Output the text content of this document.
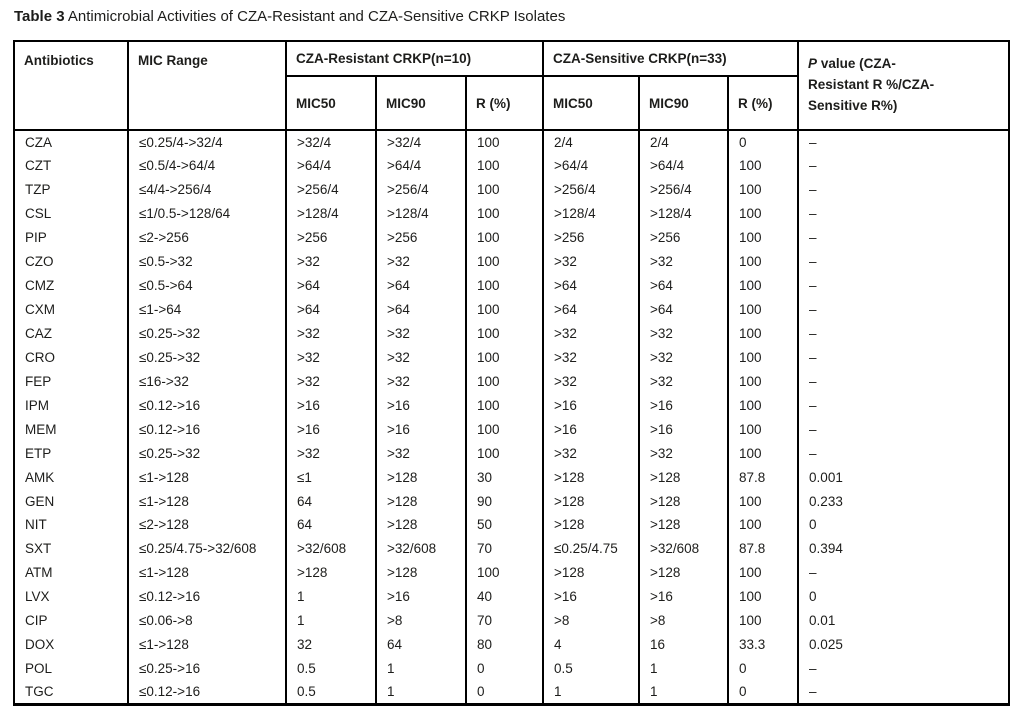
Table 3 Antimicrobial Activities of CZA-Resistant and CZA-Sensitive CRKP Isolates
Antibiotics	MIC Range	CZA-Resistant CRKP(n=10)			CZA-Sensitive CRKP(n=33)			P value (CZA-
Resistant R %/CZA-
Sensitive R%)
		MIC50	MIC90	R (%)	MIC50	MIC90	R (%)	
CZA	≤0.25/4->32/4	>32/4	>32/4	100	2/4	2/4	0	–
CZT	≤0.5/4->64/4	>64/4	>64/4	100	>64/4	>64/4	100	–
TZP	≤4/4->256/4	>256/4	>256/4	100	>256/4	>256/4	100	–
CSL	≤1/0.5->128/64	>128/4	>128/4	100	>128/4	>128/4	100	–
PIP	≤2->256	>256	>256	100	>256	>256	100	–
CZO	≤0.5->32	>32	>32	100	>32	>32	100	–
CMZ	≤0.5->64	>64	>64	100	>64	>64	100	–
CXM	≤1->64	>64	>64	100	>64	>64	100	–
CAZ	≤0.25->32	>32	>32	100	>32	>32	100	–
CRO	≤0.25->32	>32	>32	100	>32	>32	100	–
FEP	≤16->32	>32	>32	100	>32	>32	100	–
IPM	≤0.12->16	>16	>16	100	>16	>16	100	–
MEM	≤0.12->16	>16	>16	100	>16	>16	100	–
ETP	≤0.25->32	>32	>32	100	>32	>32	100	–
AMK	≤1->128	≤1	>128	30	>128	>128	87.8	0.001
GEN	≤1->128	64	>128	90	>128	>128	100	0.233
NIT	≤2->128	64	>128	50	>128	>128	100	0
SXT	≤0.25/4.75->32/608	>32/608	>32/608	70	≤0.25/4.75	>32/608	87.8	0.394
ATM	≤1->128	>128	>128	100	>128	>128	100	–
LVX	≤0.12->16	1	>16	40	>16	>16	100	0
CIP	≤0.06->8	1	>8	70	>8	>8	100	0.01
DOX	≤1->128	32	64	80	4	16	33.3	0.025
POL	≤0.25->16	0.5	1	0	0.5	1	0	–
TGC	≤0.12->16	0.5	1	0	1	1	0	–
